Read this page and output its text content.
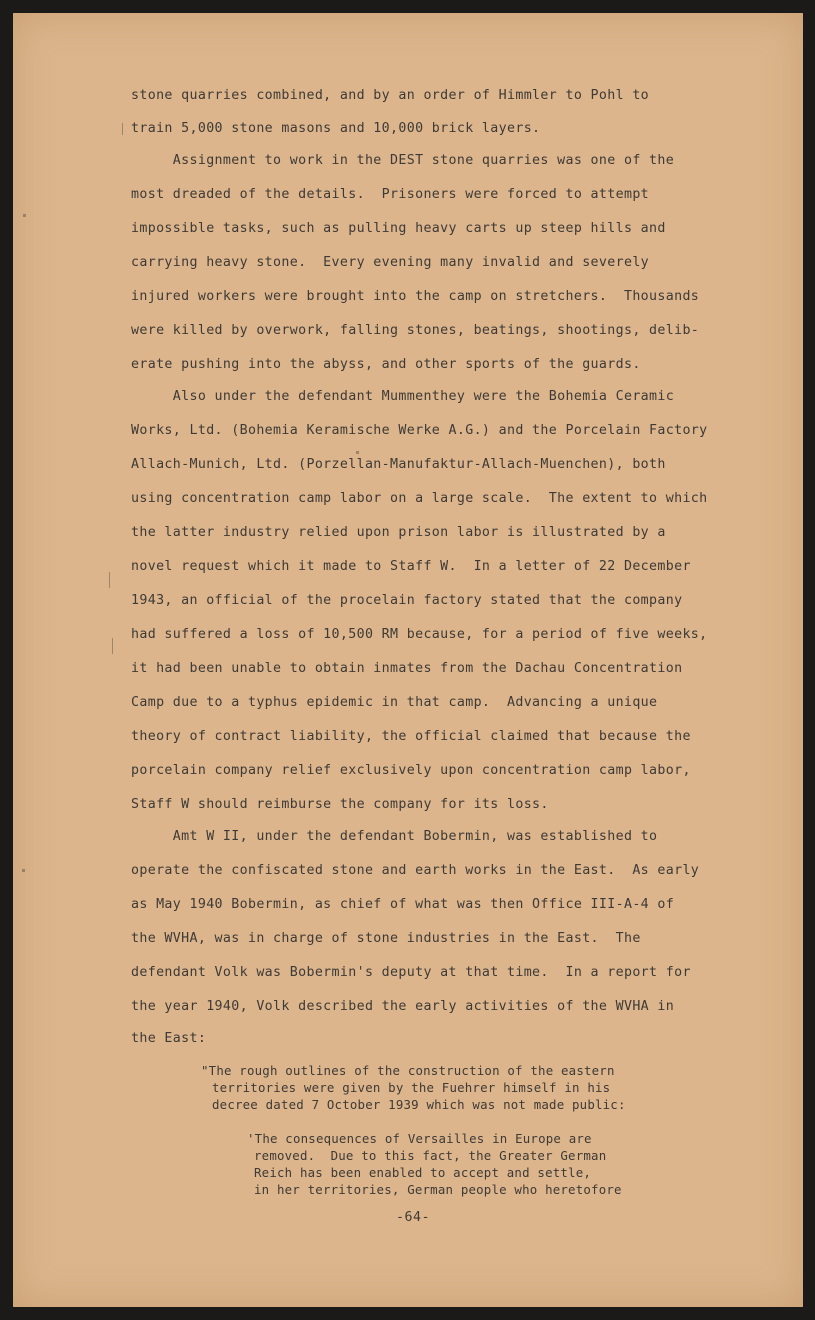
stone quarries combined, and by an order of Himmler to Pohl to
train 5,000 stone masons and 10,000 brick layers.
Assignment to work in the DEST stone quarries was one of the
most dreaded of the details.  Prisoners were forced to attempt
impossible tasks, such as pulling heavy carts up steep hills and
carrying heavy stone.  Every evening many invalid and severely
injured workers were brought into the camp on stretchers.  Thousands
were killed by overwork, falling stones, beatings, shootings, delib-
erate pushing into the abyss, and other sports of the guards.
Also under the defendant Mummenthey were the Bohemia Ceramic
Works, Ltd. (Bohemia Keramische Werke A.G.) and the Porcelain Factory
Allach-Munich, Ltd. (Porzellan-Manufaktur-Allach-Muenchen), both
using concentration camp labor on a large scale.  The extent to which
the latter industry relied upon prison labor is illustrated by a
novel request which it made to Staff W.  In a letter of 22 December
1943, an official of the procelain factory stated that the company
had suffered a loss of 10,500 RM because, for a period of five weeks,
it had been unable to obtain inmates from the Dachau Concentration
Camp due to a typhus epidemic in that camp.  Advancing a unique
theory of contract liability, the official claimed that because the
porcelain company relief exclusively upon concentration camp labor,
Staff W should reimburse the company for its loss.
Amt W II, under the defendant Bobermin, was established to
operate the confiscated stone and earth works in the East.  As early
as May 1940 Bobermin, as chief of what was then Office III-A-4 of
the WVHA, was in charge of stone industries in the East.  The
defendant Volk was Bobermin's deputy at that time.  In a report for
the year 1940, Volk described the early activities of the WVHA in
the East:
"The rough outlines of the construction of the eastern
territories were given by the Fuehrer himself in his
decree dated 7 October 1939 which was not made public:
'The consequences of Versailles in Europe are
removed.  Due to this fact, the Greater German
Reich has been enabled to accept and settle,
in her territories, German people who heretofore
-64-
